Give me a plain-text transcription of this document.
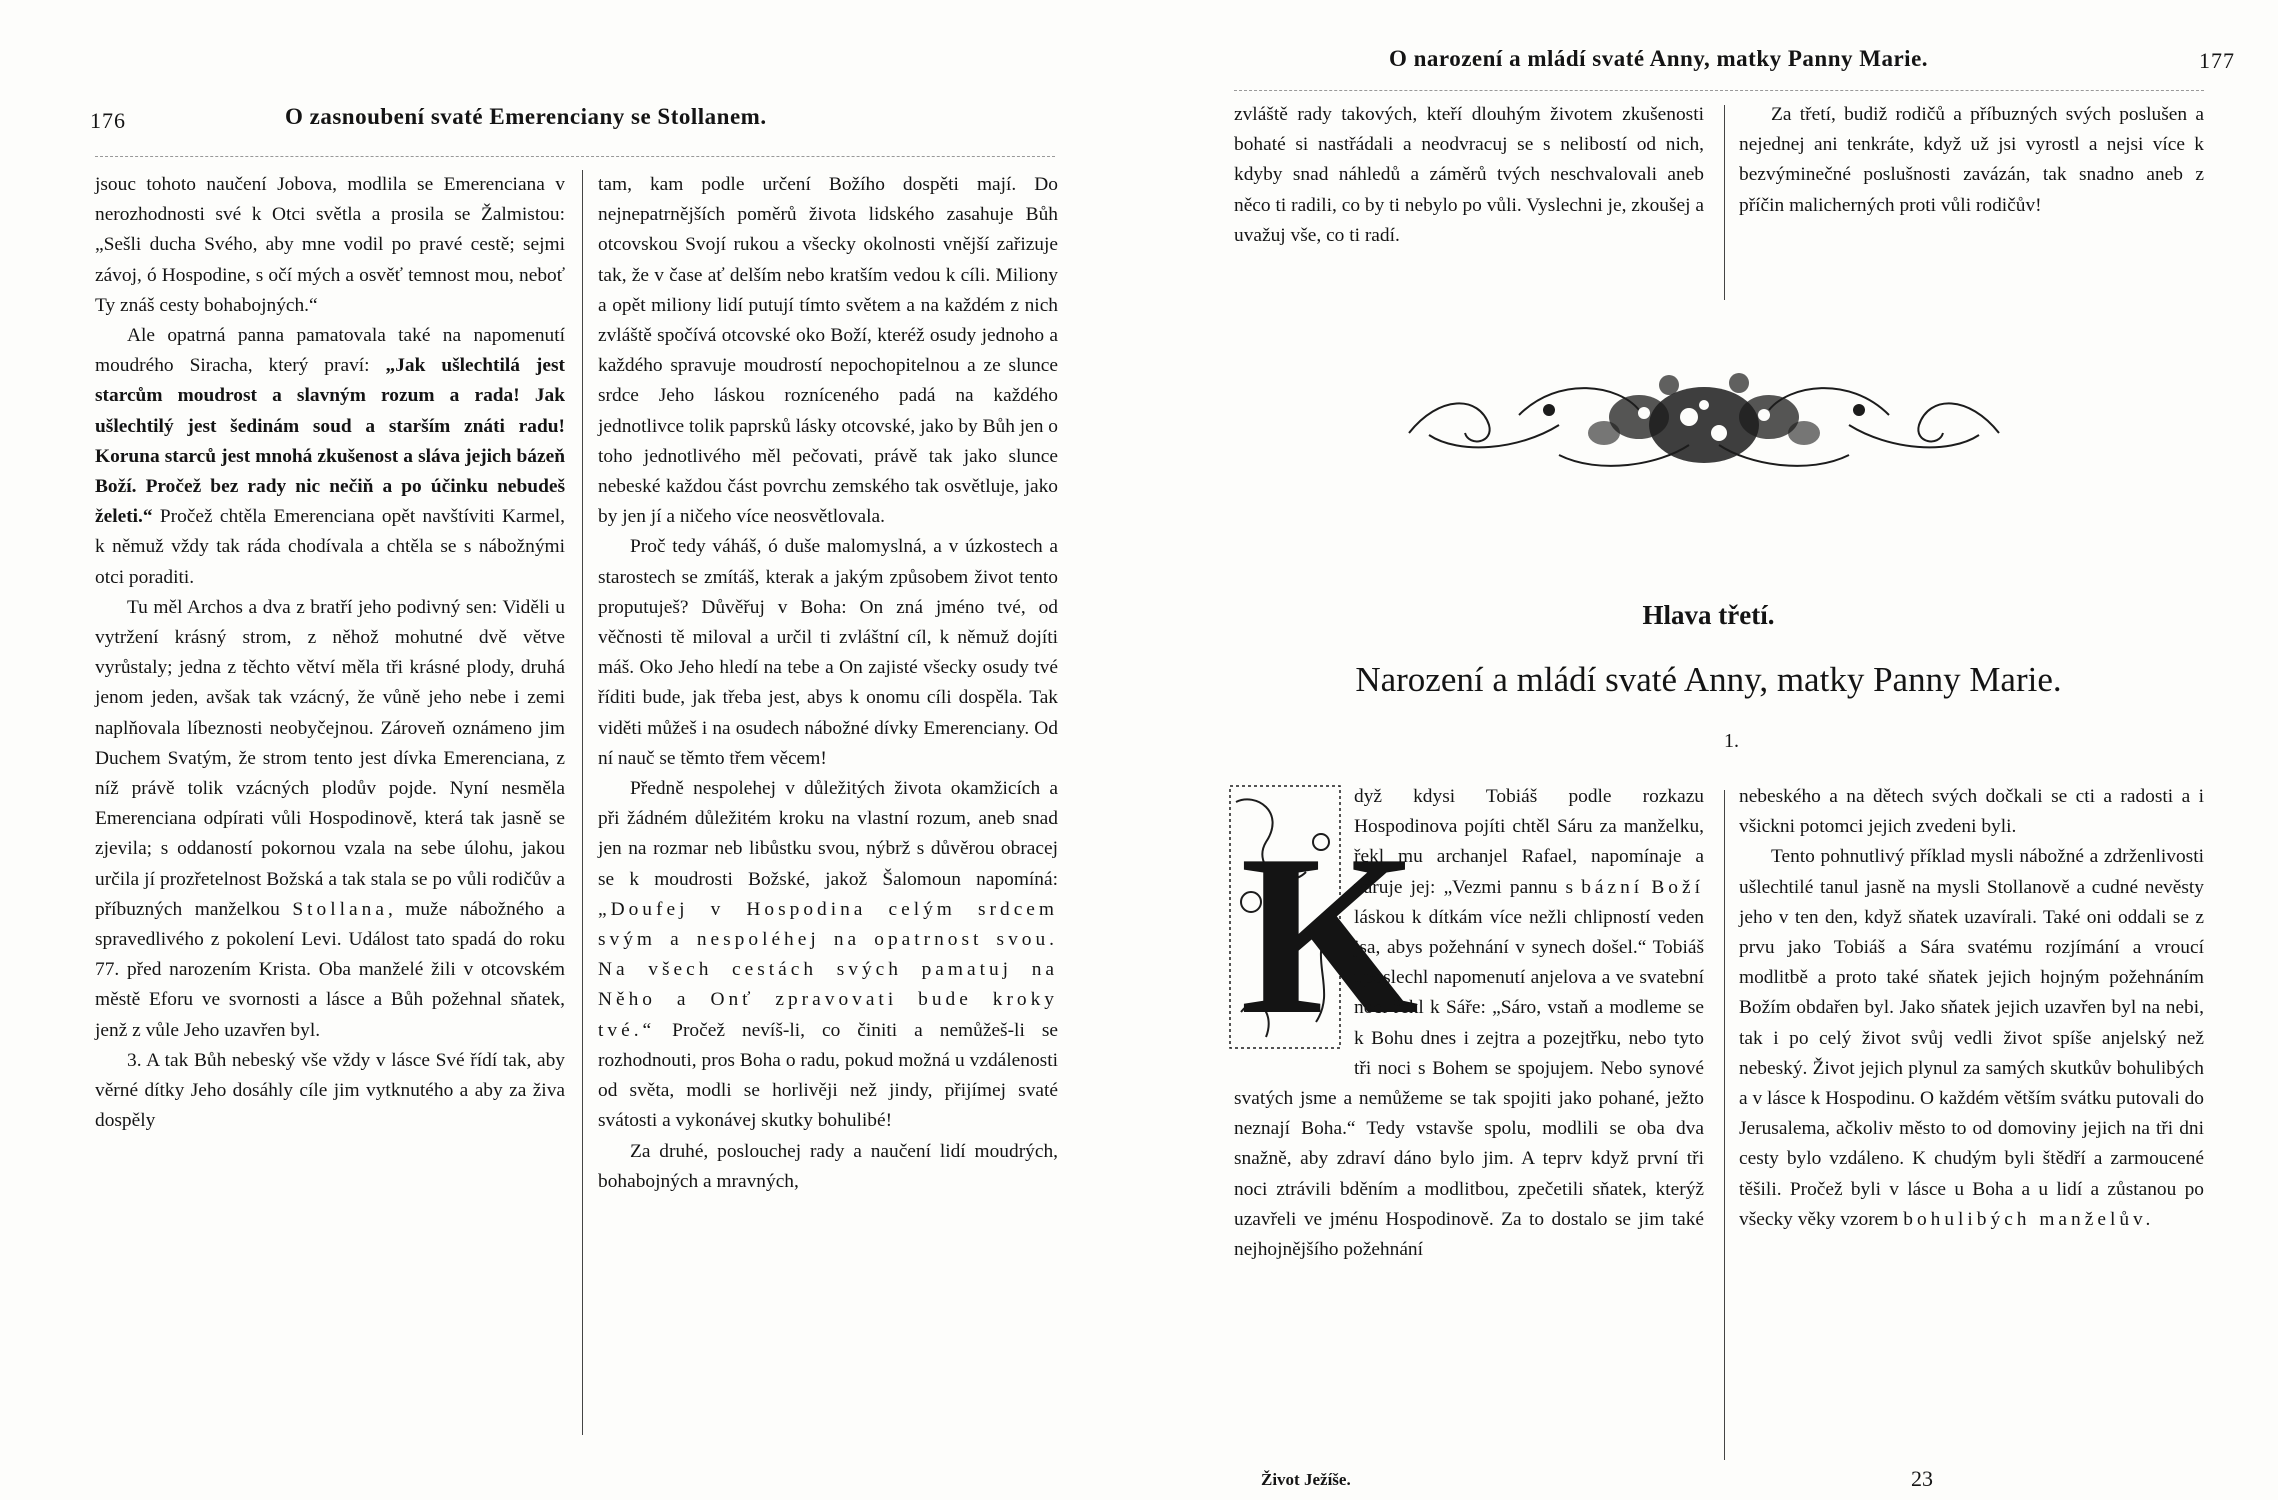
176	O zasnoubení svaté Emerenciany se Stollanem.

jsouc tohoto naučení Jobova, modlila se Emerenciana v nerozhodnosti své k Otci světla a prosila se Žalmistou: „Sešli ducha Svého, aby mne vodil po pravé cestě; sejmi závoj, ó Hospodine, s očí mých a osvěť temnost mou, neboť Ty znáš cesty bohabojných.“

Ale opatrná panna pamatovala také na napomenutí moudrého Siracha, který praví: „Jak ušlechtilá jest starcům moudrost a slavným rozum a rada! Jak ušlechtilý jest šedinám soud a starším znáti radu! Koruna starců jest mnohá zkušenost a sláva jejich bázeň Boží. Pročež bez rady nic nečiň a po účinku nebudeš želeti.“ Pročež chtěla Emerenciana opět navštíviti Karmel, k němuž vždy tak ráda chodívala a chtěla se s nábožnými otci poraditi.

Tu měl Archos a dva z bratří jeho podivný sen: Viděli u vytržení krásný strom, z něhož mohutné dvě větve vyrůstaly; jedna z těchto větví měla tři krásné plody, druhá jenom jeden, avšak tak vzácný, že vůně jeho nebe i zemi naplňovala líbeznosti neobyčejnou. Zároveň oznámeno jim Duchem Svatým, že strom tento jest dívka Emerenciana, z níž právě tolik vzácných plodův pojde. Nyní nesměla Emerenciana odpírati vůli Hospodinově, která tak jasně se zjevila; s oddaností pokornou vzala na sebe úlohu, jakou určila jí prozřetelnost Božská a tak stala se po vůli rodičův a příbuzných manželkou Stollana, muže nábožného a spravedlivého z pokolení Levi. Událost tato spadá do roku 77. před narozením Krista. Oba manželé žili v otcovském městě Eforu ve svornosti a lásce a Bůh požehnal sňatek, jenž z vůle Jeho uzavřen byl.

3. A tak Bůh nebeský vše vždy v lásce Své řídí tak, aby věrné dítky Jeho dosáhly cíle jim vytknutého a aby za živa dospěly

tam, kam podle určení Božího dospěti mají. Do nejnepatrnějších poměrů života lidského zasahuje Bůh otcovskou Svojí rukou a všecky okolnosti vnější zařizuje tak, že v čase ať delším nebo kratším vedou k cíli. Miliony a opět miliony lidí putují tímto světem a na každém z nich zvláště spočívá otcovské oko Boží, kteréž osudy jednoho a každého spravuje moudrostí nepochopitelnou a ze slunce srdce Jeho láskou rozníceného padá na každého jednotlivce tolik paprsků lásky otcovské, jako by Bůh jen o toho jednotlivého měl pečovati, právě tak jako slunce nebeské každou část povrchu zemského tak osvětluje, jako by jen jí a ničeho více neosvětlovala.

Proč tedy váháš, ó duše malomyslná, a v úzkostech a starostech se zmítáš, kterak a jakým způsobem život tento proputuješ? Důvěřuj v Boha: On zná jméno tvé, od věčnosti tě miloval a určil ti zvláštní cíl, k němuž dojíti máš. Oko Jeho hledí na tebe a On zajisté všecky osudy tvé říditi bude, jak třeba jest, abys k onomu cíli dospěla. Tak viděti můžeš i na osudech nábožné dívky Emerenciany. Od ní nauč se těmto třem věcem!

Předně nespolehej v důležitých života okamžicích a při žádném důležitém kroku na vlastní rozum, aneb snad jen na rozmar neb libůstku svou, nýbrž s důvěrou obracej se k moudrosti Božské, jakož Šalomoun napomíná: „Doufej v Hospodina celým srdcem svým a nespoléhej na opatrnost svou. Na všech cestách svých pamatuj na Něho a Onť zpravovati bude kroky tvé.“ Pročež nevíš-li, co činiti a nemůžeš-li se rozhodnouti, pros Boha o radu, pokud možná u vzdálenosti od světa, modli se horlivěji než jindy, přijímej svaté svátosti a vykonávej skutky bohulibé!

Za druhé, poslouchej rady a naučení lidí moudrých, bohabojných a mravných,

O narození a mládí svaté Anny, matky Panny Marie.	177

zvláště rady takových, kteří dlouhým životem zkušenosti bohaté si nastřádali a neodvracuj se s nelibostí od nich, kdyby snad náhledů a záměrů tvých neschvalovali aneb něco ti radili, co by ti nebylo po vůli. Vyslechni je, zkoušej a uvažuj vše, co ti radí.

Za třetí, budiž rodičů a příbuzných svých poslušen a nejednej ani tenkráte, když už jsi vyrostl a nejsi více k bezvýminečné poslušnosti zavázán, tak snadno aneb z příčin malicherných proti vůli rodičův!

Hlava třetí.
Narození a mládí svaté Anny, matky Panny Marie.
1.
K

dyž kdysi Tobiáš podle rozkazu Hospodinova pojíti chtěl Sáru za manželku, řekl mu archanjel Rafael, napomínaje a varuje jej: „Vezmi pannu s bázní Boží láskou k dítkám více nežli chlipností veden jsa, abys požehnání v synech došel.“ Tobiáš uposlechl napomenutí anjelova a ve svatební noci řekl k Sáře: „Sáro, vstaň a modleme se k Bohu dnes i zejtra a pozejtřku, nebo tyto tři noci s Bohem se spojujem. Nebo synové svatých jsme a nemůžeme se tak spojiti jako pohané, ježto neznají Boha.“ Tedy vstavše spolu, modlili se oba dva snažně, aby zdraví dáno bylo jim. A teprv když první tři noci ztrávili bděním a modlitbou, zpečetili sňatek, kterýž uzavřeli ve jménu Hospodinově. Za to dostalo se jim také nejhojnějšího požehnání

nebeského a na dětech svých dočkali se cti a radosti a i všickni potomci jejich zvedeni byli.

Tento pohnutlivý příklad mysli nábožné a zdrženlivosti ušlechtilé tanul jasně na mysli Stollanově a cudné nevěsty jeho v ten den, když sňatek uzavírali. Také oni oddali se z prvu jako Tobiáš a Sára svatému rozjímání a vroucí modlitbě a proto také sňatek jejich hojným požehnáním Božím obdařen byl. Jako sňatek jejich uzavřen byl na nebi, tak i po celý život svůj vedli život spíše anjelský než nebeský. Život jejich plynul za samých skutkův bohulibých a v lásce k Hospodinu. O každém větším svátku putovali do Jerusalema, ačkoliv město to od domoviny jejich na tři dni cesty bylo vzdáleno. K chudým byli štědří a zarmoucené těšili. Pročež byli v lásce u Boha a u lidí a zůstanou po všecky věky vzorem bohulibých manželův.

Život Ježíše.	23
